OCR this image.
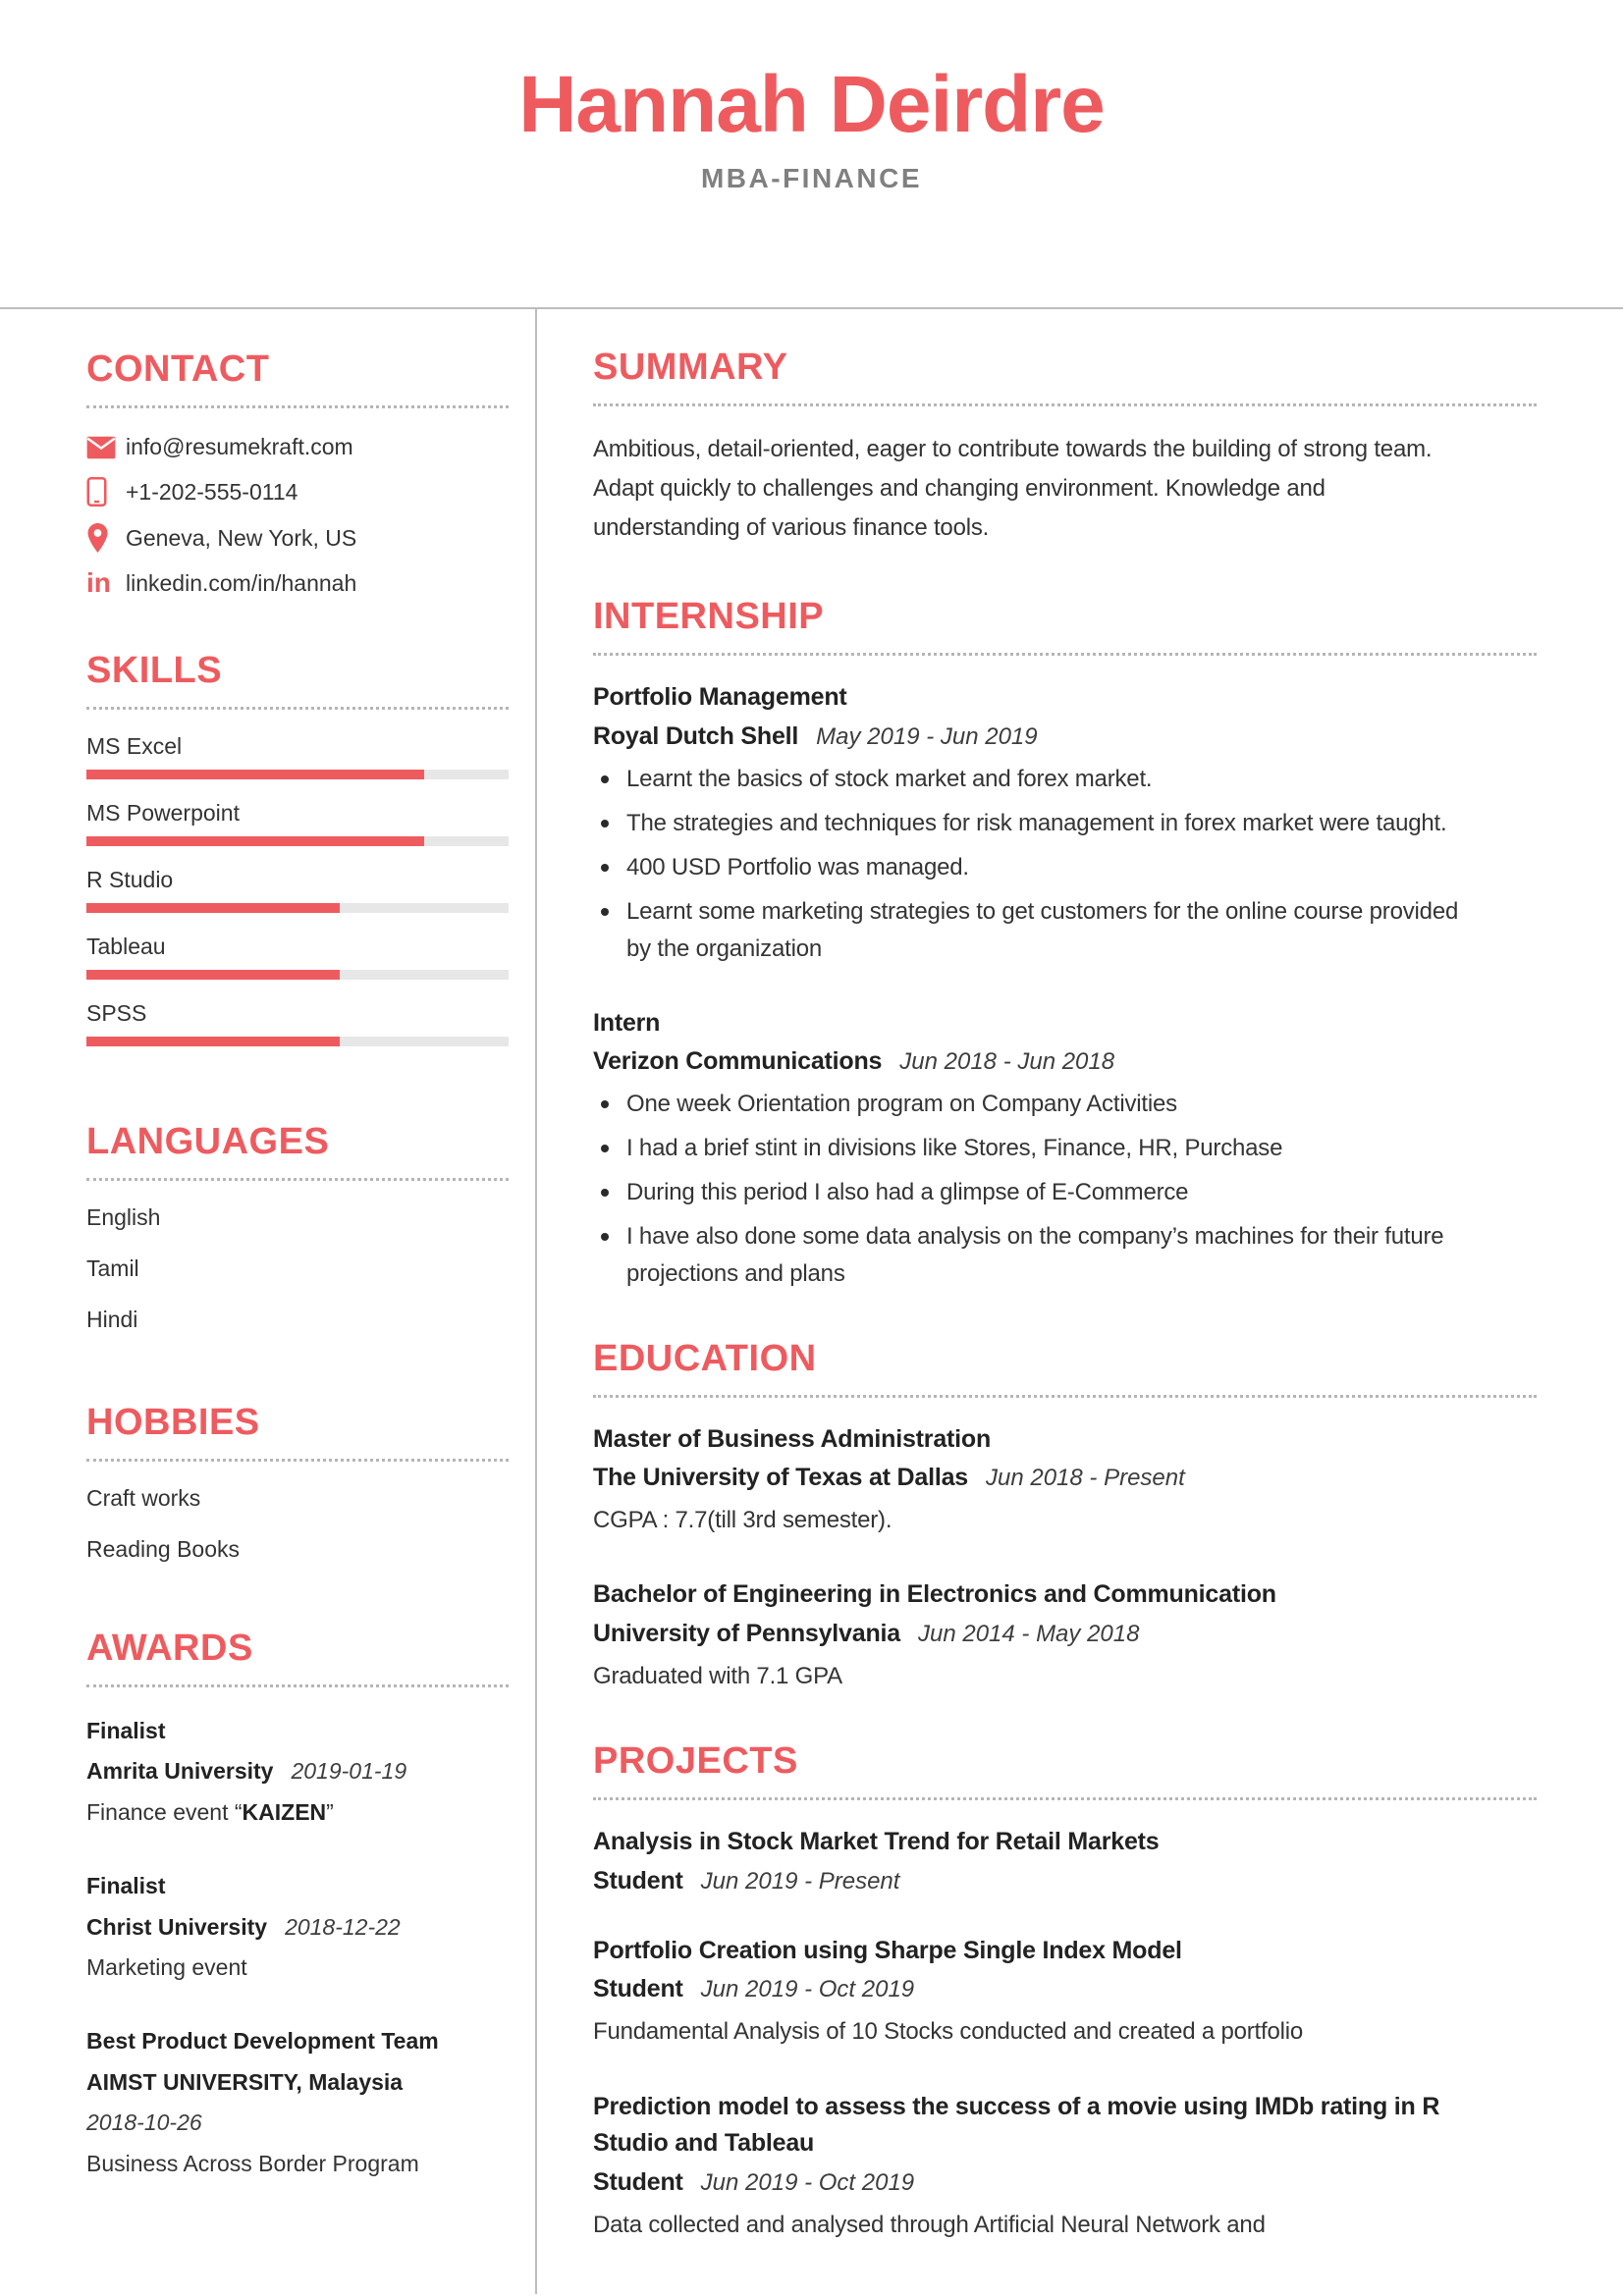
Hannah Deirdre
MBA-FINANCE
CONTACT
info@resumekraft.com
+1-202-555-0114
Geneva, New York, US
in linkedin.com/in/hannah
SKILLS
MS Excel
MS Powerpoint
R Studio
Tableau
SPSS
LANGUAGES
English
Tamil
Hindi
HOBBIES
Craft works
Reading Books
AWARDS
Finalist
Amrita University 2019-01-19
Finance event “KAIZEN”
Finalist
Christ University 2018-12-22
Marketing event
Best Product Development Team
AIMST UNIVERSITY, Malaysia
2018-10-26
Business Across Border Program
SUMMARY

Ambitious, detail-oriented, eager to contribute towards the building of strong team. Adapt quickly to challenges and changing environment. Knowledge and understanding of various finance tools.

INTERNSHIP
Portfolio Management
Royal Dutch Shell May 2019 - Jun 2019
Learnt the basics of stock market and forex market.
The strategies and techniques for risk management in forex market were taught.
400 USD Portfolio was managed.
Learnt some marketing strategies to get customers for the online course provided by the organization
Intern
Verizon Communications Jun 2018 - Jun 2018
One week Orientation program on Company Activities
I had a brief stint in divisions like Stores, Finance, HR, Purchase
During this period I also had a glimpse of E-Commerce
I have also done some data analysis on the company’s machines for their future projections and plans
EDUCATION
Master of Business Administration
The University of Texas at Dallas Jun 2018 - Present
CGPA : 7.7(till 3rd semester).
Bachelor of Engineering in Electronics and Communication
University of Pennsylvania Jun 2014 - May 2018
Graduated with 7.1 GPA
PROJECTS
Analysis in Stock Market Trend for Retail Markets
Student Jun 2019 - Present
Portfolio Creation using Sharpe Single Index Model
Student Jun 2019 - Oct 2019
Fundamental Analysis of 10 Stocks conducted and created a portfolio
Prediction model to assess the success of a movie using IMDb rating in R Studio and Tableau
Student Jun 2019 - Oct 2019
Data collected and analysed through Artificial Neural Network and
